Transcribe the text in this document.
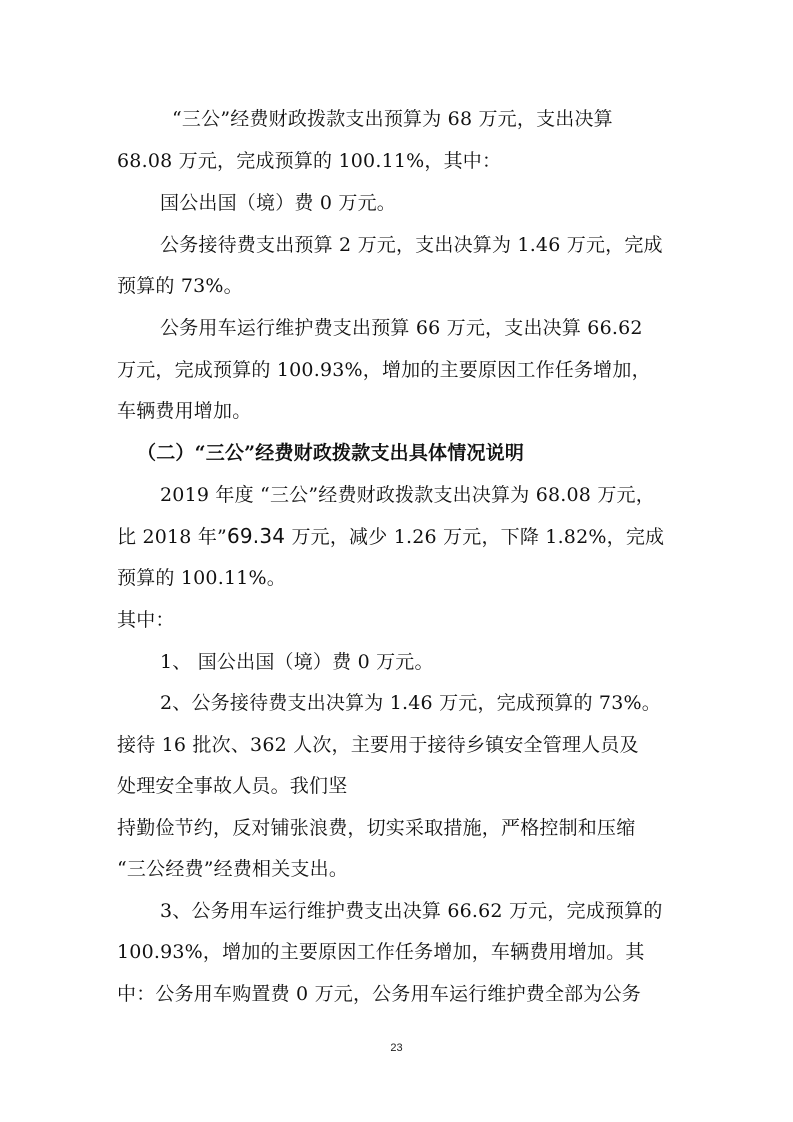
“三公”经费财政拨款支出预算为 68 万元，支出决算
68.08 万元，完成预算的 100.11%，其中：
国公出国（境）费 0 万元。
公务接待费支出预算 2 万元，支出决算为 1.46 万元，完成
预算的 73%。
公务用车运行维护费支出预算 66 万元，支出决算 66.62
万元，完成预算的 100.93%，增加的主要原因工作任务增加，
车辆费用增加。
（二）“三公”经费财政拨款支出具体情况说明
2019 年度 “三公”经费财政拨款支出决算为 68.08 万元，
比 2018 年”69.34 万元，减少 1.26 万元，下降 1.82%，完成
预算的 100.11%。
其中：
1、 国公出国（境）费 0 万元。
2、公务接待费支出决算为 1.46 万元，完成预算的 73%。
接待 16 批次、362 人次，主要用于接待乡镇安全管理人员及
处理安全事故人员。我们坚
持勤俭节约，反对铺张浪费，切实采取措施，严格控制和压缩
“三公经费”经费相关支出。
3、公务用车运行维护费支出决算 66.62 万元，完成预算的
100.93%，增加的主要原因工作任务增加，车辆费用增加。其
中：公务用车购置费 0 万元，公务用车运行维护费全部为公务
23
